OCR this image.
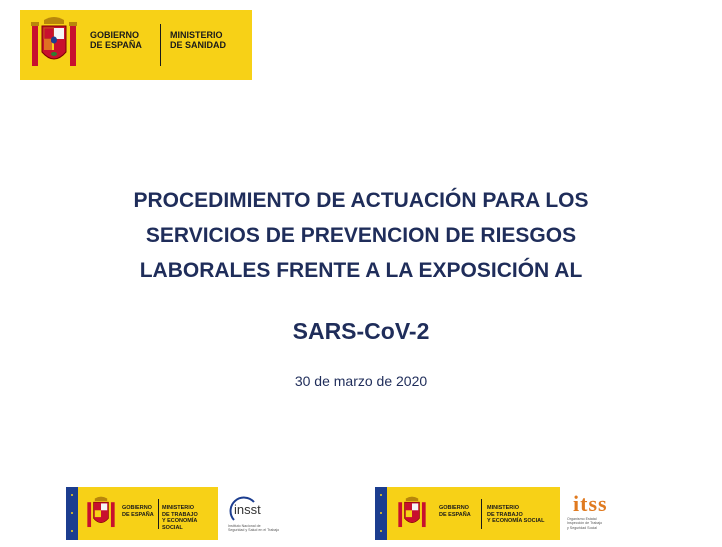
GOBIERNO
DE ESPAÑA
MINISTERIO
DE SANIDAD
PROCEDIMIENTO DE ACTUACIÓN PARA LOS
SERVICIOS DE PREVENCION DE RIESGOS
LABORALES FRENTE A LA EXPOSICIÓN AL
SARS-CoV-2
30 de marzo de 2020
GOBIERNO
DE ESPAÑA
MINISTERIO
DE TRABAJO
Y ECONOMÍA SOCIAL
insst
Instituto Nacional de
Seguridad y Salud en el Trabajo
GOBIERNO
DE ESPAÑA
MINISTERIO
DE TRABAJO
Y ECONOMÍA SOCIAL
itss
Organismo Estatal
Inspección de Trabajo
y Seguridad Social
